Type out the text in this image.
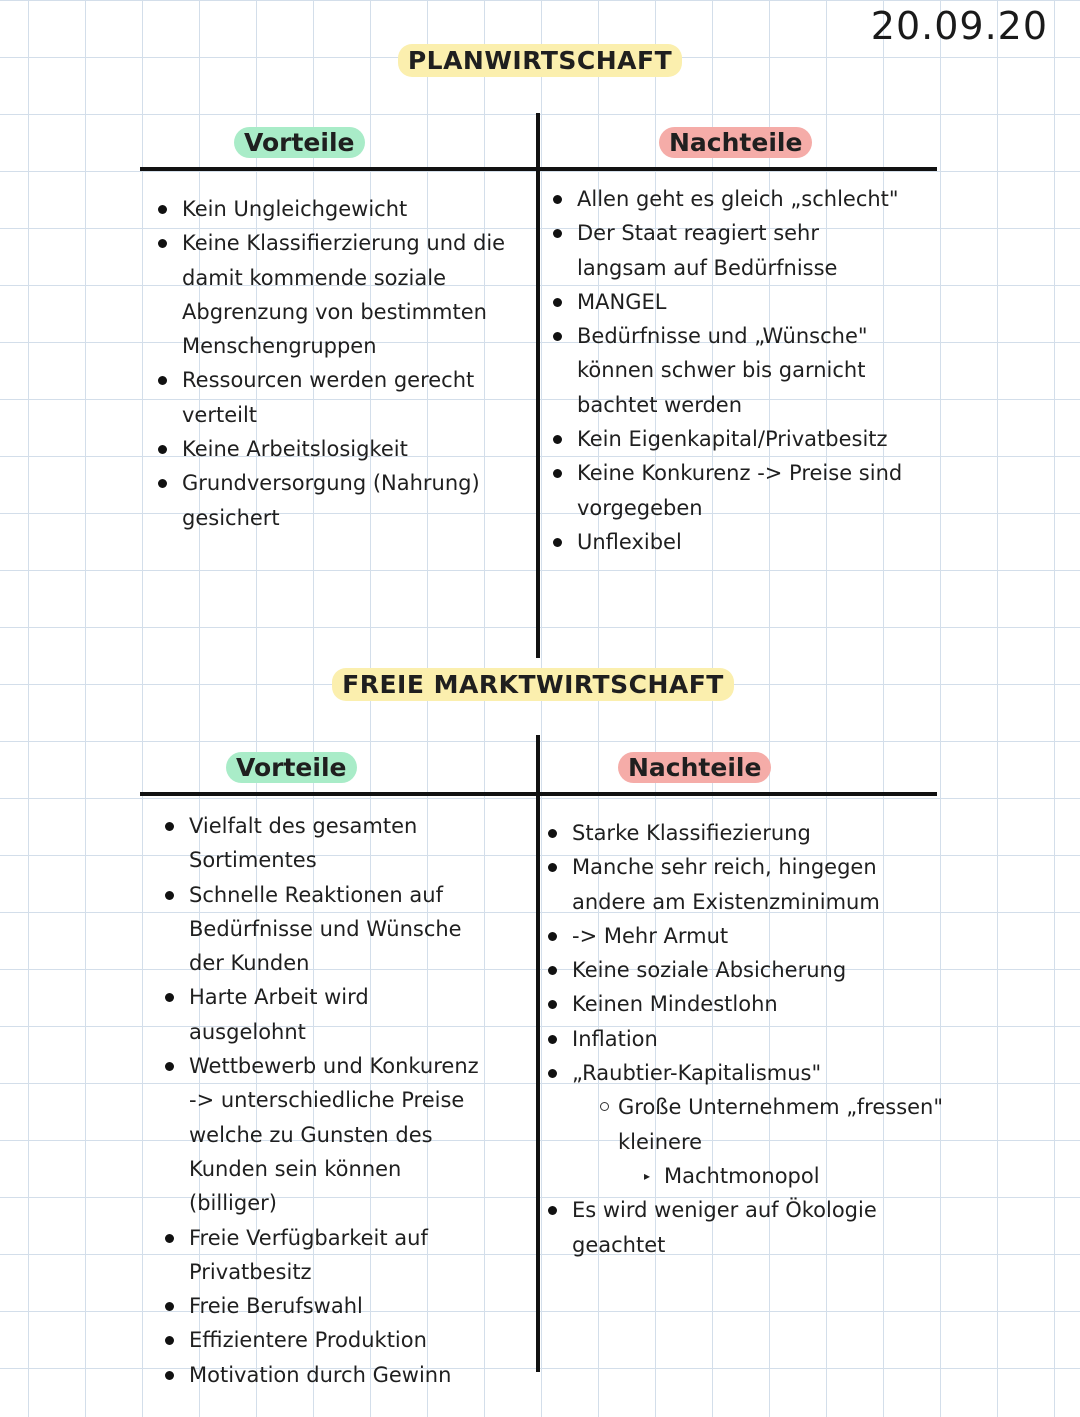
20.09.20
PLANWIRTSCHAFT
Vorteile	Nachteile
Kein Ungleichgewicht
Keine Klassifierzierung und die
damit kommende soziale
Abgrenzung von bestimmten
Menschengruppen
Ressourcen werden gerecht
verteilt
Keine Arbeitslosigkeit
Grundversorgung (Nahrung)
gesichert
Allen geht es gleich „schlecht"
Der Staat reagiert sehr
langsam auf Bedürfnisse
MANGEL
Bedürfnisse und „Wünsche"
können schwer bis garnicht
bachtet werden
Kein Eigenkapital/Privatbesitz
Keine Konkurenz -> Preise sind
vorgegeben
Unflexibel
FREIE MARKTWIRTSCHAFT
Vorteile	Nachteile
Vielfalt des gesamten
Sortimentes
Schnelle Reaktionen auf
Bedürfnisse und Wünsche
der Kunden
Harte Arbeit wird
ausgelohnt
Wettbewerb und Konkurenz
-> unterschiedliche Preise
welche zu Gunsten des
Kunden sein können
(billiger)
Freie Verfügbarkeit auf
Privatbesitz
Freie Berufswahl
Effizientere Produktion
Motivation durch Gewinn
Starke Klassifiezierung
Manche sehr reich, hingegen
andere am Existenzminimum
-> Mehr Armut
Keine soziale Absicherung
Keinen Mindestlohn
Inflation
„Raubtier-Kapitalismus"
Große Unternehmem „fressen"
kleinere
▸ Machtmonopol
Es wird weniger auf Ökologie
geachtet
